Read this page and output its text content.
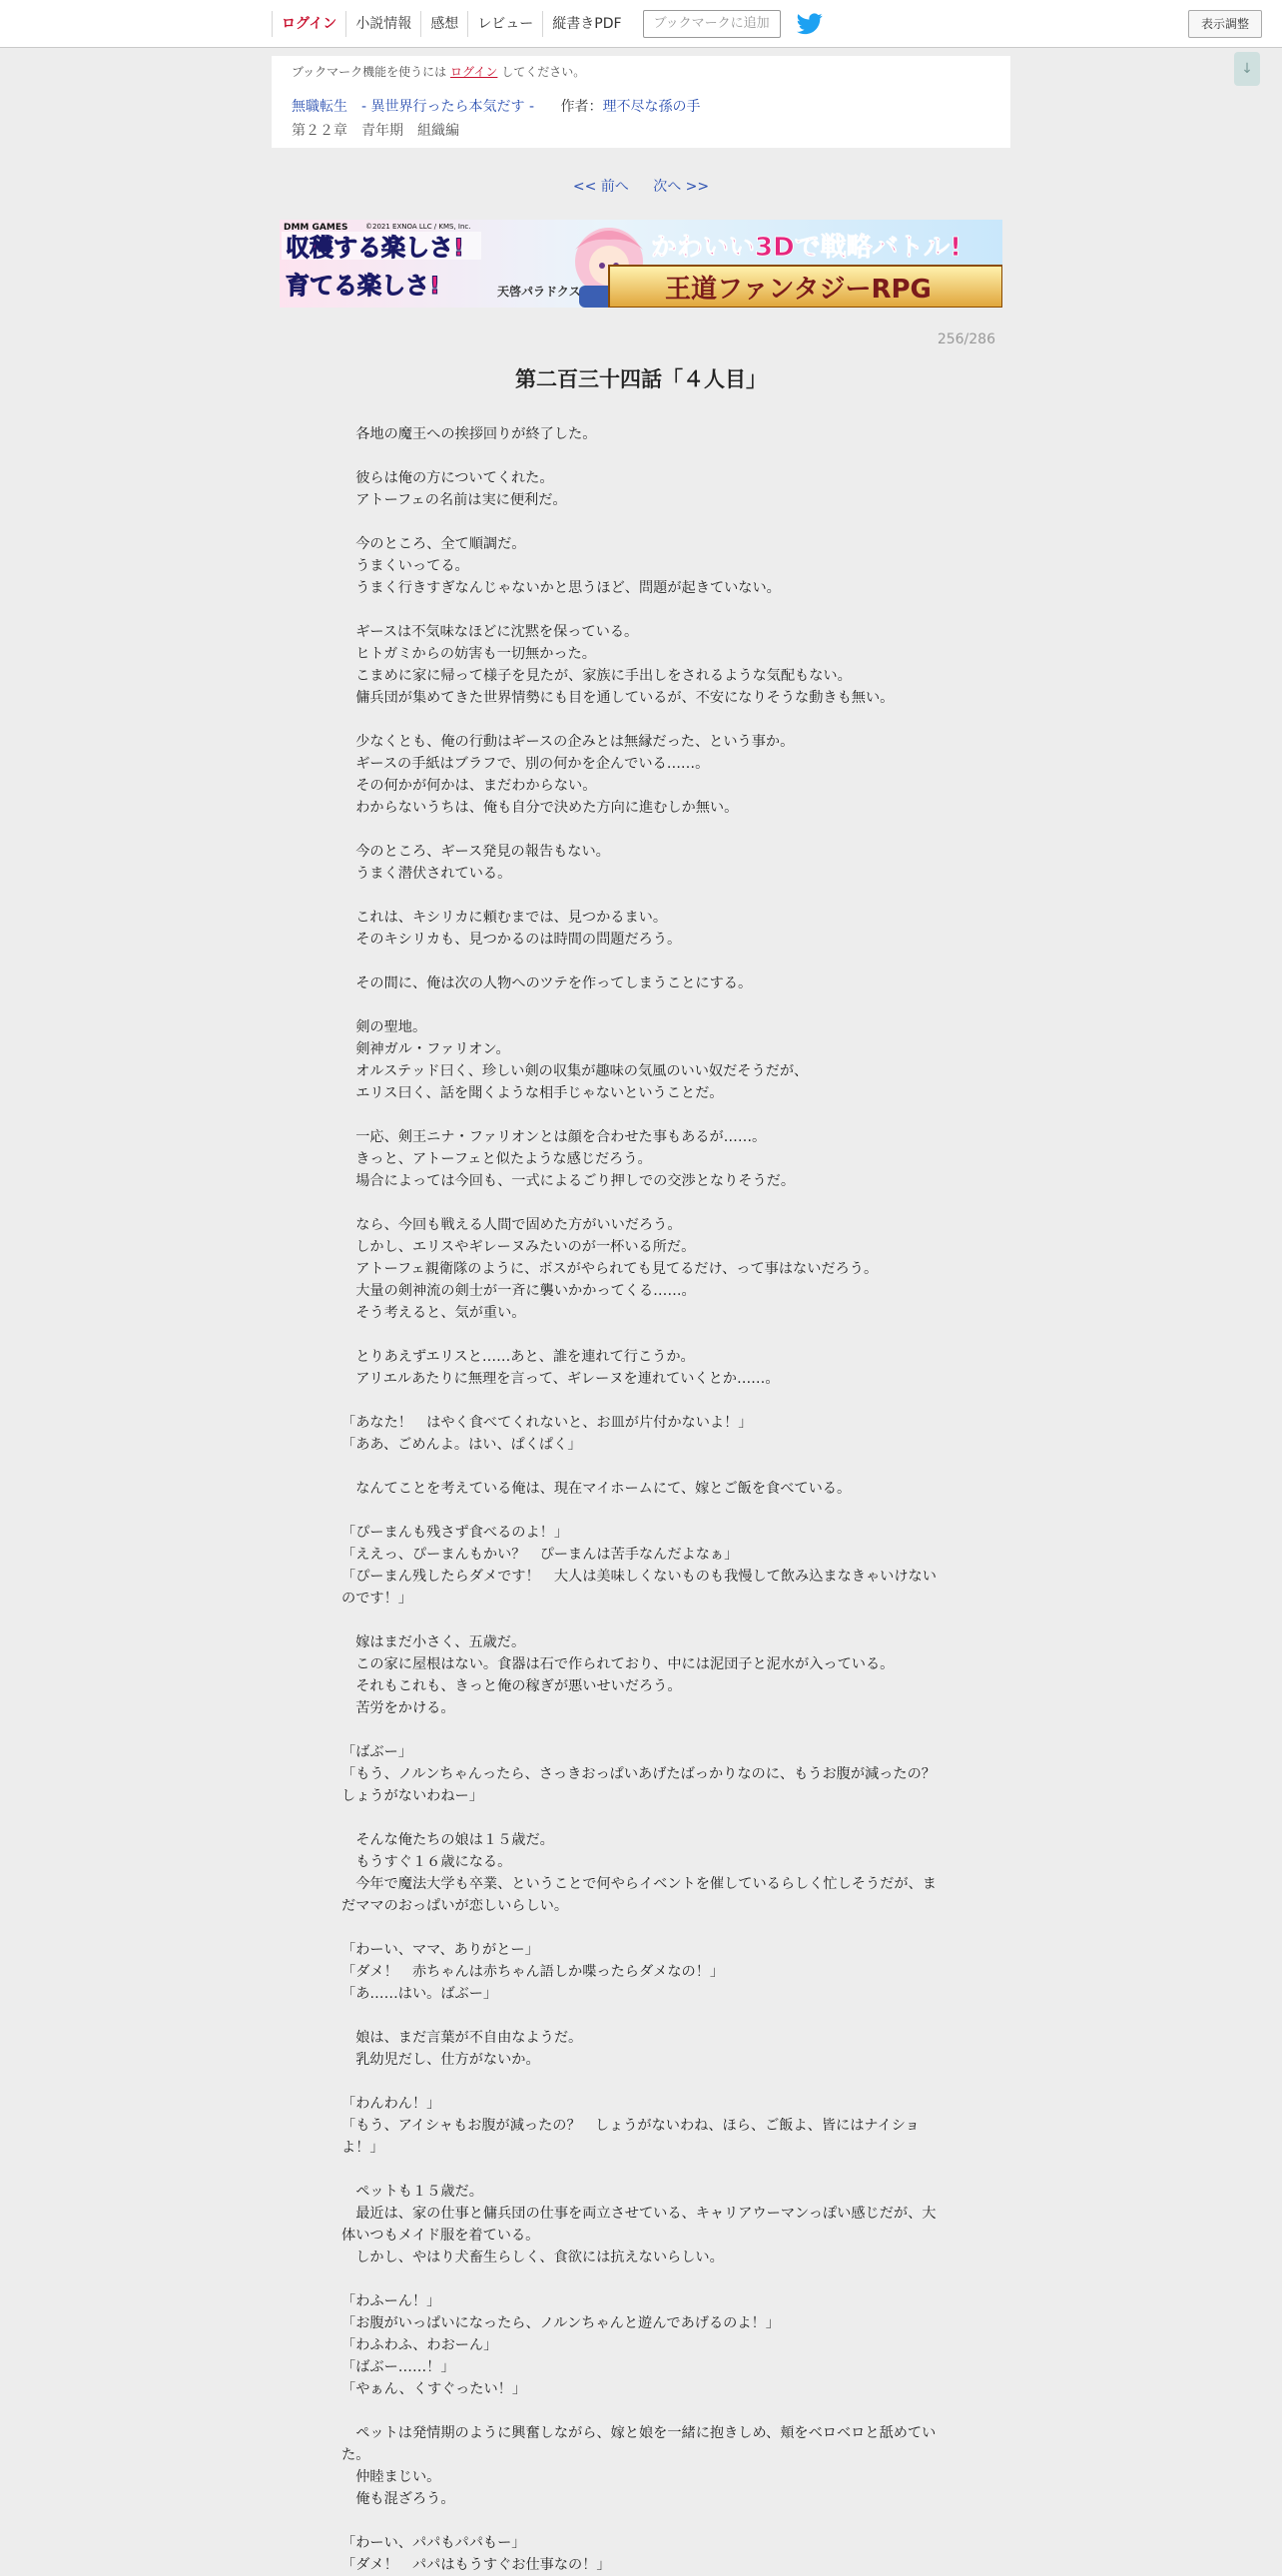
ログイン	小説情報	感想	レビュー	縦書きPDF	ブックマークに追加	表示調整
↓
ブックマーク機能を使うには ログイン してください。
無職転生　- 異世界行ったら本気だす - 作者：理不尽な孫の手
第２２章　青年期　組織編
<< 前へ 次へ >>
DMM GAMES	©2021 EXNOA LLC / KMS, Inc.
収穫する楽しさ!
育てる楽しさ!	天啓パラドクス
かわいい3Dで戦略バトル!
王道ファンタジーRPG
256/286
第二百三十四話「４人目」

　各地の魔王への挨拶回りが終了した。

　彼らは俺の方についてくれた。

　アトーフェの名前は実に便利だ。

　今のところ、全て順調だ。

　うまくいってる。

　うまく行きすぎなんじゃないかと思うほど、問題が起きていない。

　ギースは不気味なほどに沈黙を保っている。

　ヒトガミからの妨害も一切無かった。

　こまめに家に帰って様子を見たが、家族に手出しをされるような気配もない。

　傭兵団が集めてきた世界情勢にも目を通しているが、不安になりそうな動きも無い。

　少なくとも、俺の行動はギースの企みとは無縁だった、という事か。

　ギースの手紙はブラフで、別の何かを企んでいる……。

　その何かが何かは、まだわからない。

　わからないうちは、俺も自分で決めた方向に進むしか無い。

　今のところ、ギース発見の報告もない。

　うまく潜伏されている。

　これは、キシリカに頼むまでは、見つかるまい。

　そのキシリカも、見つかるのは時間の問題だろう。

　その間に、俺は次の人物へのツテを作ってしまうことにする。

　剣の聖地。

　剣神ガル・ファリオン。

　オルステッド曰く、珍しい剣の収集が趣味の気風のいい奴だそうだが、

　エリス曰く、話を聞くような相手じゃないということだ。

　一応、剣王ニナ・ファリオンとは顔を合わせた事もあるが……。

　きっと、アトーフェと似たような感じだろう。

　場合によっては今回も、一式によるごり押しでの交渉となりそうだ。

　なら、今回も戦える人間で固めた方がいいだろう。

　しかし、エリスやギレーヌみたいのが一杯いる所だ。

　アトーフェ親衛隊のように、ボスがやられても見てるだけ、って事はないだろう。

　大量の剣神流の剣士が一斉に襲いかかってくる……。

　そう考えると、気が重い。

　とりあえずエリスと……あと、誰を連れて行こうか。

　アリエルあたりに無理を言って、ギレーヌを連れていくとか……。

「あなた！　はやく食べてくれないと、お皿が片付かないよ！」

「ああ、ごめんよ。はい、ぱくぱく」

　なんてことを考えている俺は、現在マイホームにて、嫁とご飯を食べている。

「ぴーまんも残さず食べるのよ！」

「ええっ、ぴーまんもかい？　ぴーまんは苦手なんだよなぁ」

「ぴーまん残したらダメです！　大人は美味しくないものも我慢して飲み込まなきゃいけないのです！」

　嫁はまだ小さく、五歳だ。

　この家に屋根はない。食器は石で作られており、中には泥団子と泥水が入っている。

　それもこれも、きっと俺の稼ぎが悪いせいだろう。

　苦労をかける。

「ばぶー」

「もう、ノルンちゃんったら、さっきおっぱいあげたばっかりなのに、もうお腹が減ったの？　しょうがないわねー」

　そんな俺たちの娘は１５歳だ。

　もうすぐ１６歳になる。

　今年で魔法大学も卒業、ということで何やらイベントを催しているらしく忙しそうだが、まだママのおっぱいが恋しいらしい。

「わーい、ママ、ありがとー」

「ダメ！　赤ちゃんは赤ちゃん語しか喋ったらダメなの！」

「あ……はい。ばぶー」

　娘は、まだ言葉が不自由なようだ。

　乳幼児だし、仕方がないか。

「わんわん！」

「もう、アイシャもお腹が減ったの？　しょうがないわね、ほら、ご飯よ、皆にはナイショよ！」

　ペットも１５歳だ。

　最近は、家の仕事と傭兵団の仕事を両立させている、キャリアウーマンっぽい感じだが、大体いつもメイド服を着ている。

　しかし、やはり犬畜生らしく、食欲には抗えないらしい。

「わふーん！」

「お腹がいっぱいになったら、ノルンちゃんと遊んであげるのよ！」

「わふわふ、わおーん」

「ばぶー……！」

「やぁん、くすぐったい！」

　ペットは発情期のように興奮しながら、嫁と娘を一緒に抱きしめ、頬をベロベロと舐めていた。

　仲睦まじい。

　俺も混ざろう。

「わーい、パパもパパもー」

「ダメ！　パパはもうすぐお仕事なの！」
